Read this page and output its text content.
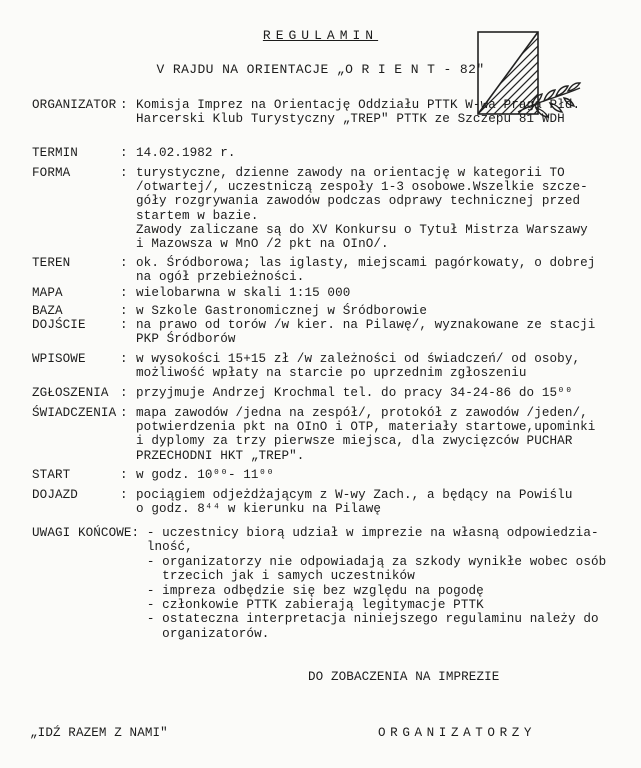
REGULAMIN
V RAJDU NA ORIENTACJE „O R I E N T - 82"
ORGANIZATOR : Komisja Imprez na Orientację Oddziału PTTK W-wa Praga Płd.
Harcerski Klub Turystyczny „TREP" PTTK ze Szczepu 81 WDH
TERMIN	: 14.02.1982 r.
FORMA	: turystyczne, dzienne zawody na orientację w kategorii TO
/otwartej/, uczestniczą zespoły 1-3 osobowe.Wszelkie szcze-
góły rozgrywania zawodów podczas odprawy technicznej przed
startem w bazie.
Zawody zaliczane są do XV Konkursu o Tytuł Mistrza Warszawy
i Mazowsza w MnO /2 pkt na OInO/.
TEREN	: ok. Śródborowa; las iglasty, miejscami pagórkowaty, o dobrej
na ogół przebieżności.
MAPA	: wielobarwna w skali 1:15 000
BAZA	: w Szkole Gastronomicznej w Śródborowie
DOJŚCIE	: na prawo od torów /w kier. na Pilawę/, wyznakowane ze stacji
PKP Śródborów
WPISOWE	: w wysokości 15+15 zł /w zależności od świadczeń/ od osoby,
możliwość wpłaty na starcie po uprzednim zgłoszeniu
ZGŁOSZENIA : przyjmuje Andrzej Krochmal tel. do pracy 34-24-86 do 15⁰⁰
ŚWIADCZENIA : mapa zawodów /jedna na zespół/, protokół z zawodów /jeden/,
potwierdzenia pkt na OInO i OTP, materiały startowe,upominki
i dyplomy za trzy pierwsze miejsca, dla zwycięzców PUCHAR
PRZECHODNI HKT „TREP".
START	: w godz. 10⁰⁰- 11⁰⁰
DOJAZD	: pociągiem odjeżdżającym z W-wy Zach., a będący na Powiślu
o godz. 8⁴⁴ w kierunku na Pilawę
UWAGI KOŃCOWE: - uczestnicy biorą udział w imprezie na własną odpowiedzia-
lność,
- organizatorzy nie odpowiadają za szkody wynikłe wobec osób
trzecich jak i samych uczestników
- impreza odbędzie się bez względu na pogodę
- członkowie PTTK zabierają legitymacje PTTK
- ostateczna interpretacja niniejszego regulaminu należy do
organizatorów.
DO ZOBACZENIA NA IMPREZIE
„IDŹ RAZEM Z NAMI"	ORGANIZATORZY
